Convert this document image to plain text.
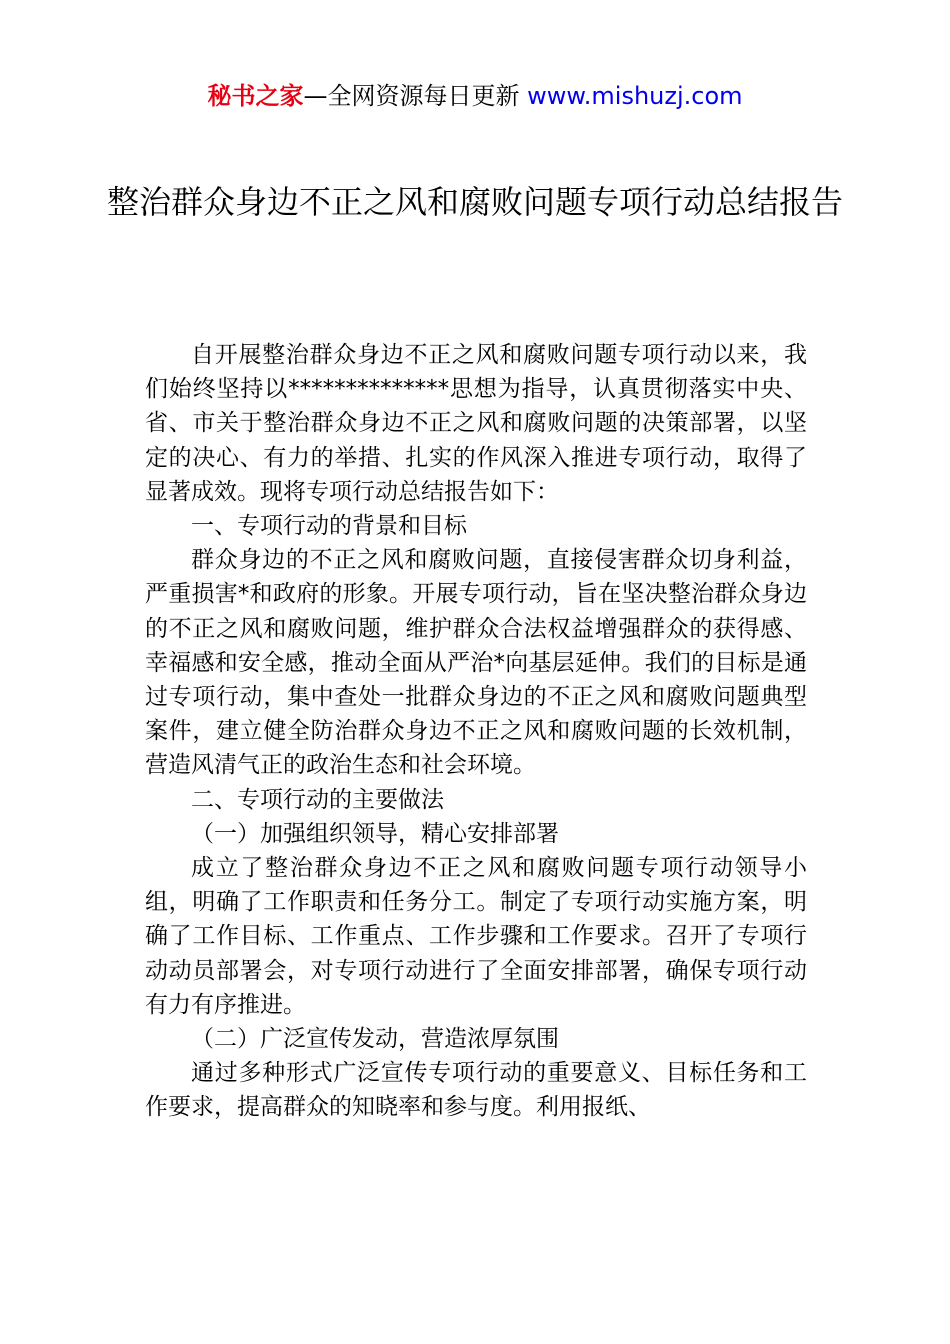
秘书之家—全网资源每日更新 www.mishuzj.com
整治群众身边不正之风和腐败问题专项行动总结报告

自开展整治群众身边不正之风和腐败问题专项行动以来，我们始终坚持以**************思想为指导，认真贯彻落实中央、省、市关于整治群众身边不正之风和腐败问题的决策部署，以坚定的决心、有力的举措、扎实的作风深入推进专项行动，取得了显著成效。现将专项行动总结报告如下：

一、专项行动的背景和目标

群众身边的不正之风和腐败问题，直接侵害群众切身利益，严重损害*和政府的形象。开展专项行动，旨在坚决整治群众身边的不正之风和腐败问题，维护群众合法权益增强群众的获得感、幸福感和安全感，推动全面从严治*向基层延伸。我们的目标是通过专项行动，集中查处一批群众身边的不正之风和腐败问题典型案件，建立健全防治群众身边不正之风和腐败问题的长效机制，营造风清气正的政治生态和社会环境。

二、专项行动的主要做法

（一）加强组织领导，精心安排部署

成立了整治群众身边不正之风和腐败问题专项行动领导小组，明确了工作职责和任务分工。制定了专项行动实施方案，明确了工作目标、工作重点、工作步骤和工作要求。召开了专项行动动员部署会，对专项行动进行了全面安排部署，确保专项行动有力有序推进。

（二）广泛宣传发动，营造浓厚氛围

通过多种形式广泛宣传专项行动的重要意义、目标任务和工作要求，提高群众的知晓率和参与度。利用报纸、
